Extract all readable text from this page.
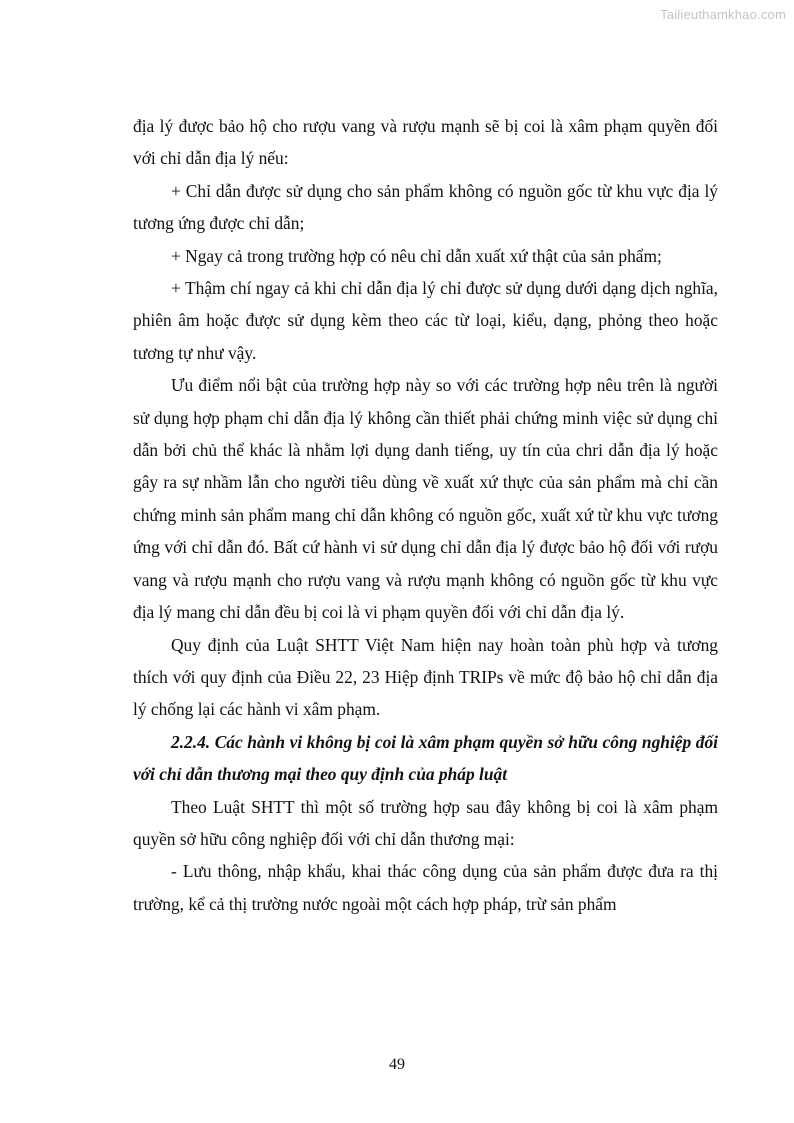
Tailieuthamkhao.com

địa lý được bảo hộ cho rượu vang và rượu mạnh sẽ bị coi là xâm phạm quyền đối với chỉ dẫn địa lý nếu:

+ Chỉ dẫn được sử dụng cho sản phẩm không có nguồn gốc từ khu vực địa lý tương ứng được chỉ dẫn;

+ Ngay cả trong trường hợp có nêu chỉ dẫn xuất xứ thật của sản phẩm;

+ Thậm chí ngay cả khi chỉ dẫn địa lý chỉ được sử dụng dưới dạng dịch nghĩa, phiên âm hoặc được sử dụng kèm theo các từ loại, kiểu, dạng, phỏng theo hoặc tương tự như vậy.

Ưu điểm nổi bật của trường hợp này so với các trường hợp nêu trên là người sử dụng hợp phạm chỉ dẫn địa lý không cần thiết phải chứng minh việc sử dụng chỉ dẫn bởi chủ thể khác là nhằm lợi dụng danh tiếng, uy tín của chri dẫn địa lý hoặc gây ra sự nhầm lẫn cho người tiêu dùng về xuất xứ thực của sản phẩm mà chỉ cần chứng minh sản phẩm mang chỉ dẫn không có nguồn gốc, xuất xứ từ khu vực tương ứng với chỉ dẫn đó. Bất cứ hành vi sử dụng chỉ dẫn địa lý được bảo hộ đối với rượu vang và rượu mạnh cho rượu vang và rượu mạnh không có nguồn gốc từ khu vực địa lý mang chỉ dẫn đều bị coi là vi phạm quyền đối với chỉ dẫn địa lý.

Quy định của Luật SHTT Việt Nam hiện nay hoàn toàn phù hợp và tương thích với quy định của Điều 22, 23 Hiệp định TRIPs về mức độ bảo hộ chỉ dẫn địa lý chống lại các hành vi xâm phạm.

2.2.4. Các hành vi không bị coi là xâm phạm quyền sở hữu công nghiệp đối với chỉ dẫn thương mại theo quy định của pháp luật

Theo Luật SHTT thì một số trường hợp sau đây không bị coi là xâm phạm quyền sở hữu công nghiệp đối với chỉ dẫn thương mại:

- Lưu thông, nhập khẩu, khai thác công dụng của sản phẩm được đưa ra thị trường, kể cả thị trường nước ngoài một cách hợp pháp, trừ sản phẩm

49
